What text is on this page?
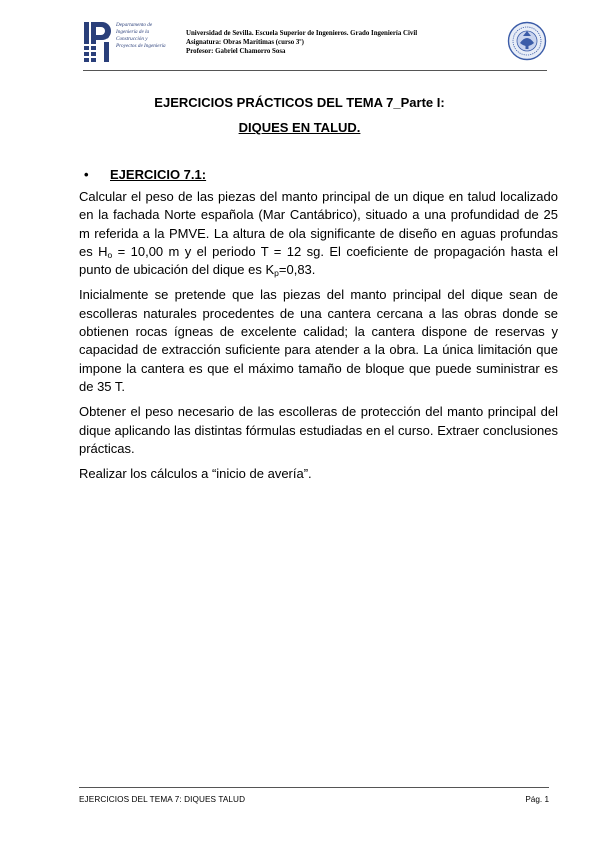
Departamento de
Ingeniería de la
Construcción y
Proyectos de Ingeniería
Universidad de Sevilla. Escuela Superior de Ingenieros. Grado Ingeniería Civil
Asignatura: Obras Marítimas (curso 3º)
Profesor: Gabriel Chamorro Sosa
EJERCICIOS PRÁCTICOS DEL TEMA 7_Parte I:
DIQUES EN TALUD.
• EJERCICIO 7.1:

Calcular el peso de las piezas del manto principal de un dique en talud localizado en la fachada Norte española (Mar Cantábrico), situado a una profundidad de 25 m referida a la PMVE. La altura de ola significante de diseño en aguas profundas es $H_o = 10,00$ m y el periodo T = 12 sg. El coeficiente de propagación hasta el punto de ubicación del dique es $K_p=0,83$.

Inicialmente se pretende que las piezas del manto principal del dique sean de escolleras naturales procedentes de una cantera cercana a las obras donde se obtienen rocas ígneas de excelente calidad; la cantera dispone de reservas y capacidad de extracción suficiente para atender a la obra. La única limitación que impone la cantera es que el máximo tamaño de bloque que puede suministrar es de 35 T.

Obtener el peso necesario de las escolleras de protección del manto principal del dique aplicando las distintas fórmulas estudiadas en el curso. Extraer conclusiones prácticas.

Realizar los cálculos a “inicio de avería”.

EJERCICIOS DEL TEMA 7: DIQUES TALUD	Pág. 1
